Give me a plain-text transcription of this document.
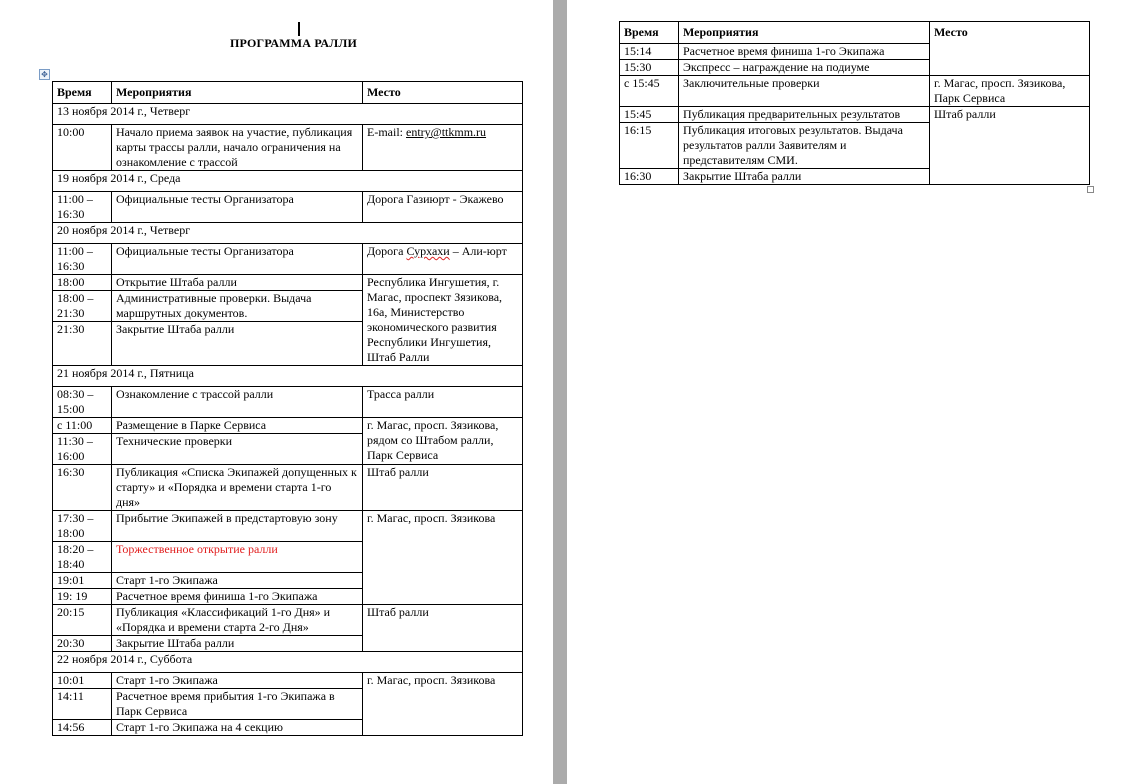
ПРОГРАММА РАЛЛИ
✥
Время	Мероприятия	Место
13 ноября 2014 г., Четверг		
10:00	Начало приема заявок на участие, публикация карты трассы ралли, начало ограничения на ознакомление с трассой	E-mail: entry@ttkmm.ru
19 ноября 2014 г., Среда		
11:00 – 16:30	Официальные тесты Организатора	Дорога Газиюрт - Экажево
20 ноября 2014 г., Четверг		
11:00 – 16:30	Официальные тесты Организатора	Дорога Сурхахи – Али-юрт
18:00	Открытие Штаба ралли	Республика Ингушетия, г. Магас, проспект Зязикова, 16а, Министерство экономического развития Республики Ингушетия, Штаб Ралли
18:00 – 21:30	Административные проверки. Выдача маршрутных документов.	
21:30	Закрытие Штаба ралли	
21 ноября 2014 г., Пятница		
08:30 – 15:00	Ознакомление с трассой ралли	Трасса ралли
с 11:00	Размещение в Парке Сервиса	г. Магас, просп. Зязикова, рядом со Штабом ралли, Парк Сервиса
11:30 – 16:00	Технические проверки	
16:30	Публикация «Списка Экипажей допущенных к старту» и «Порядка и времени старта 1-го дня»	Штаб ралли
17:30 – 18:00	Прибытие Экипажей в предстартовую зону	г. Магас, просп. Зязикова
18:20 – 18:40	Торжественное открытие ралли	
19:01	Старт 1-го Экипажа	
19: 19	Расчетное время финиша 1-го Экипажа	
20:15	Публикация «Классификаций 1-го Дня» и «Порядка и времени старта 2-го Дня»	Штаб ралли
20:30	Закрытие Штаба ралли	
22 ноября 2014 г., Суббота		
10:01	Старт 1-го Экипажа	г. Магас, просп. Зязикова
14:11	Расчетное время прибытия 1-го Экипажа в Парк Сервиса	
14:56	Старт 1-го Экипажа на 4 секцию	
Время	Мероприятия	Место
15:14	Расчетное время финиша 1-го Экипажа	
15:30	Экспресс – награждение на подиуме	
с 15:45	Заключительные проверки	г. Магас, просп. Зязикова, Парк Сервиса
15:45	Публикация предварительных результатов	Штаб ралли
16:15	Публикация итоговых результатов. Выдача результатов ралли Заявителям и представителям СМИ.	
16:30	Закрытие Штаба ралли	
